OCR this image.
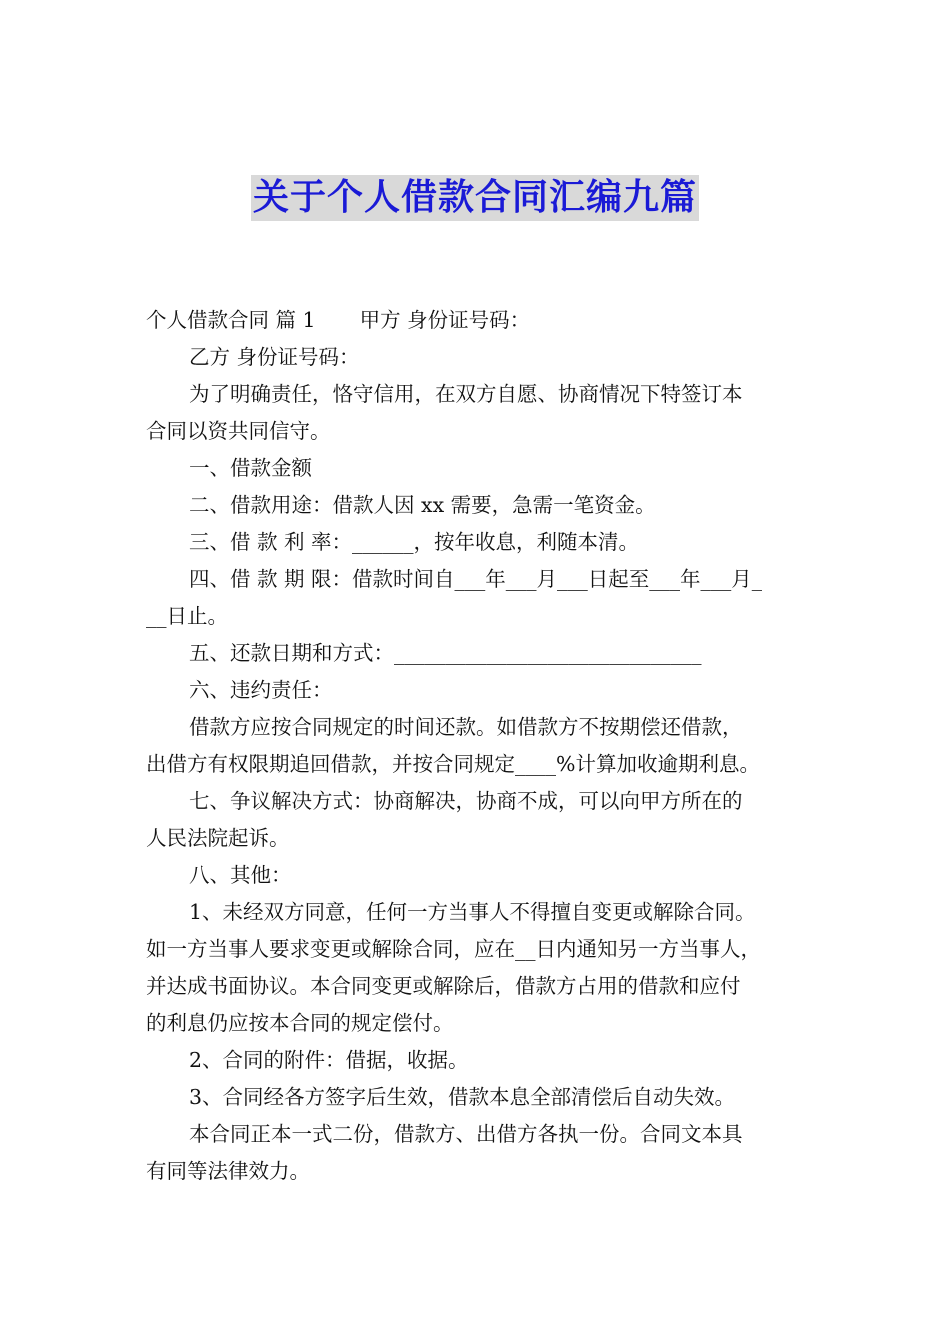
关于个人借款合同汇编九篇

个人借款合同 篇 1 甲方 身份证号码：

乙方 身份证号码：

为了明确责任，恪守信用，在双方自愿、协商情况下特签订本

合同以资共同信守。

一、借款金额

二、借款用途：借款人因 xx 需要，急需一笔资金。

三、借 款 利 率：______，按年收息，利随本清。

四、借 款 期 限：借款时间自___年___月___日起至___年___月_

__日止。

五、还款日期和方式：______________________________

六、违约责任：

借款方应按合同规定的时间还款。如借款方不按期偿还借款，

出借方有权限期追回借款，并按合同规定____%计算加收逾期利息。

七、争议解决方式：协商解决，协商不成，可以向甲方所在的

人民法院起诉。

八、其他：

1、未经双方同意，任何一方当事人不得擅自变更或解除合同。

如一方当事人要求变更或解除合同，应在__日内通知另一方当事人，

并达成书面协议。本合同变更或解除后，借款方占用的借款和应付

的利息仍应按本合同的规定偿付。

2、合同的附件：借据，收据。

3、合同经各方签字后生效，借款本息全部清偿后自动失效。

本合同正本一式二份，借款方、出借方各执一份。合同文本具

有同等法律效力。
